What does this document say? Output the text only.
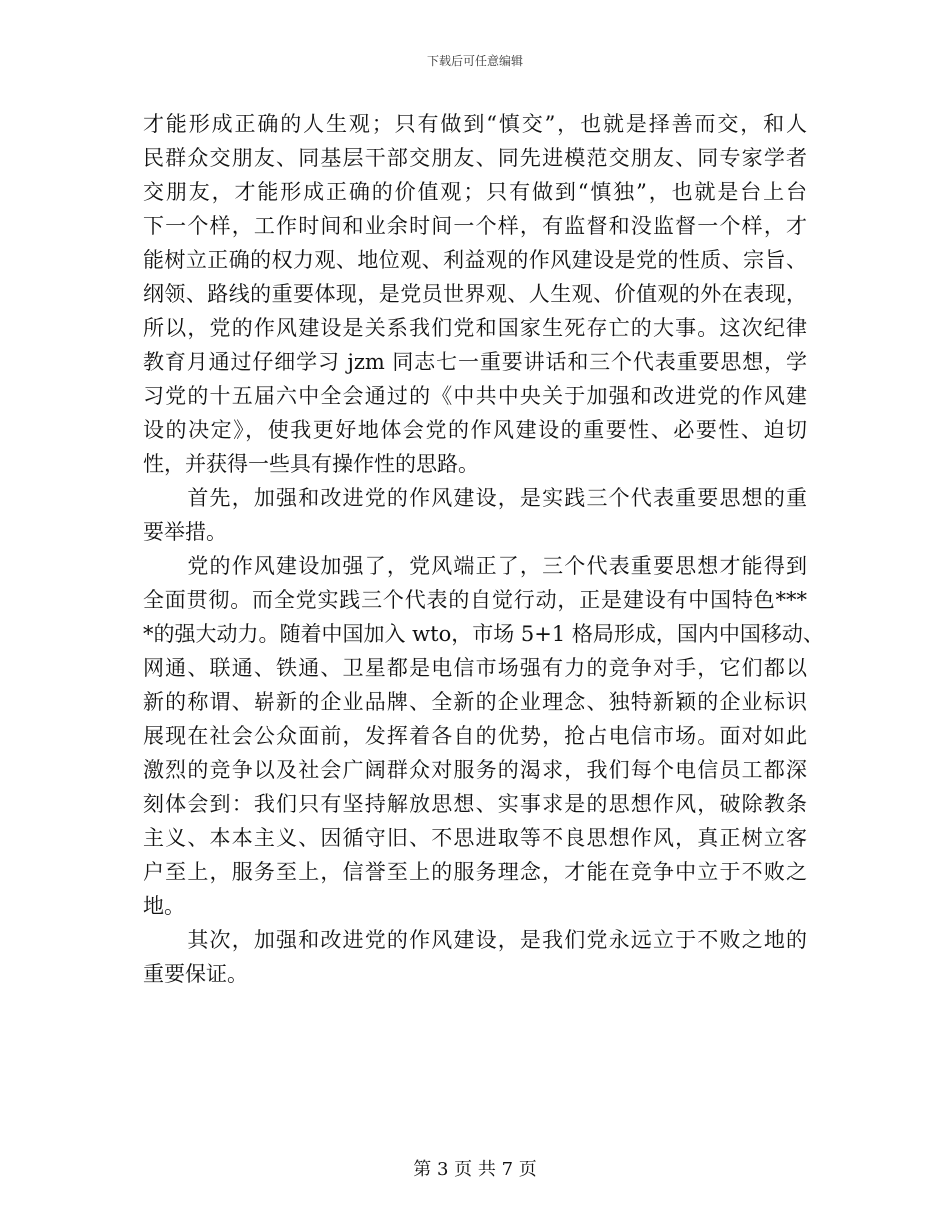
下载后可任意编辑
才能形成正确的人生观；只有做到“慎交”，也就是择善而交，和人
民群众交朋友、同基层干部交朋友、同先进模范交朋友、同专家学者
交朋友，才能形成正确的价值观；只有做到“慎独”，也就是台上台
下一个样，工作时间和业余时间一个样，有监督和没监督一个样，才
能树立正确的权力观、地位观、利益观的作风建设是党的性质、宗旨、
纲领、路线的重要体现，是党员世界观、人生观、价值观的外在表现，
所以，党的作风建设是关系我们党和国家生死存亡的大事。这次纪律
教育月通过仔细学习 jzm 同志七一重要讲话和三个代表重要思想，学
习党的十五届六中全会通过的《中共中央关于加强和改进党的作风建
设的决定》，使我更好地体会党的作风建设的重要性、必要性、迫切
性，并获得一些具有操作性的思路。
　　首先，加强和改进党的作风建设，是实践三个代表重要思想的重
要举措。
　　党的作风建设加强了，党风端正了，三个代表重要思想才能得到
全面贯彻。而全党实践三个代表的自觉行动，正是建设有中国特色***
*的强大动力。随着中国加入 wto，市场 5+1 格局形成，国内中国移动、
网通、联通、铁通、卫星都是电信市场强有力的竞争对手，它们都以
新的称谓、崭新的企业品牌、全新的企业理念、独特新颖的企业标识
展现在社会公众面前，发挥着各自的优势，抢占电信市场。面对如此
激烈的竞争以及社会广阔群众对服务的渴求，我们每个电信员工都深
刻体会到：我们只有坚持解放思想、实事求是的思想作风，破除教条
主义、本本主义、因循守旧、不思进取等不良思想作风，真正树立客
户至上，服务至上，信誉至上的服务理念，才能在竞争中立于不败之
地。
　　其次，加强和改进党的作风建设，是我们党永远立于不败之地的
重要保证。
第 3 页 共 7 页
